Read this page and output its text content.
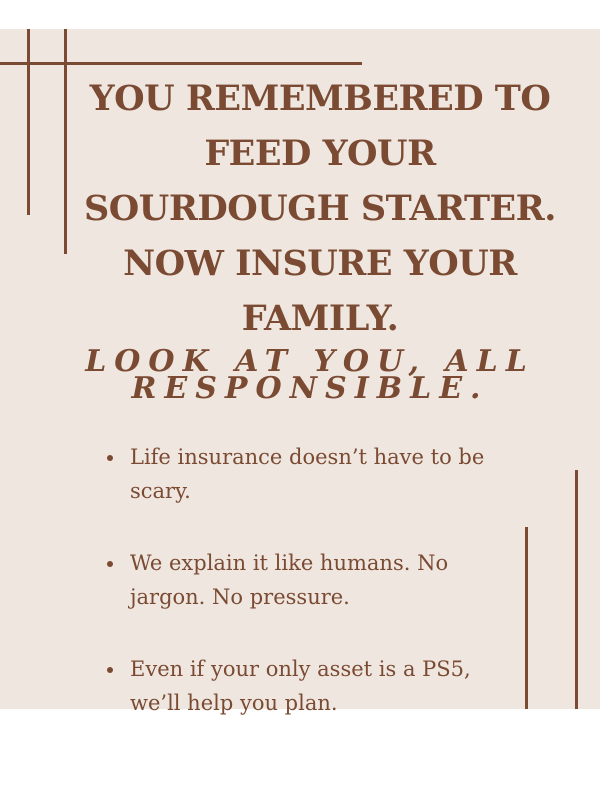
YOU REMEMBERED TO FEED YOUR SOURDOUGH STARTER. NOW INSURE YOUR FAMILY.
LOOK AT YOU, ALL RESPONSIBLE.
Life insurance doesn’t have to be scary.
We explain it like humans. No jargon. No pressure.
Even if your only asset is a PS5, we’ll help you plan.
